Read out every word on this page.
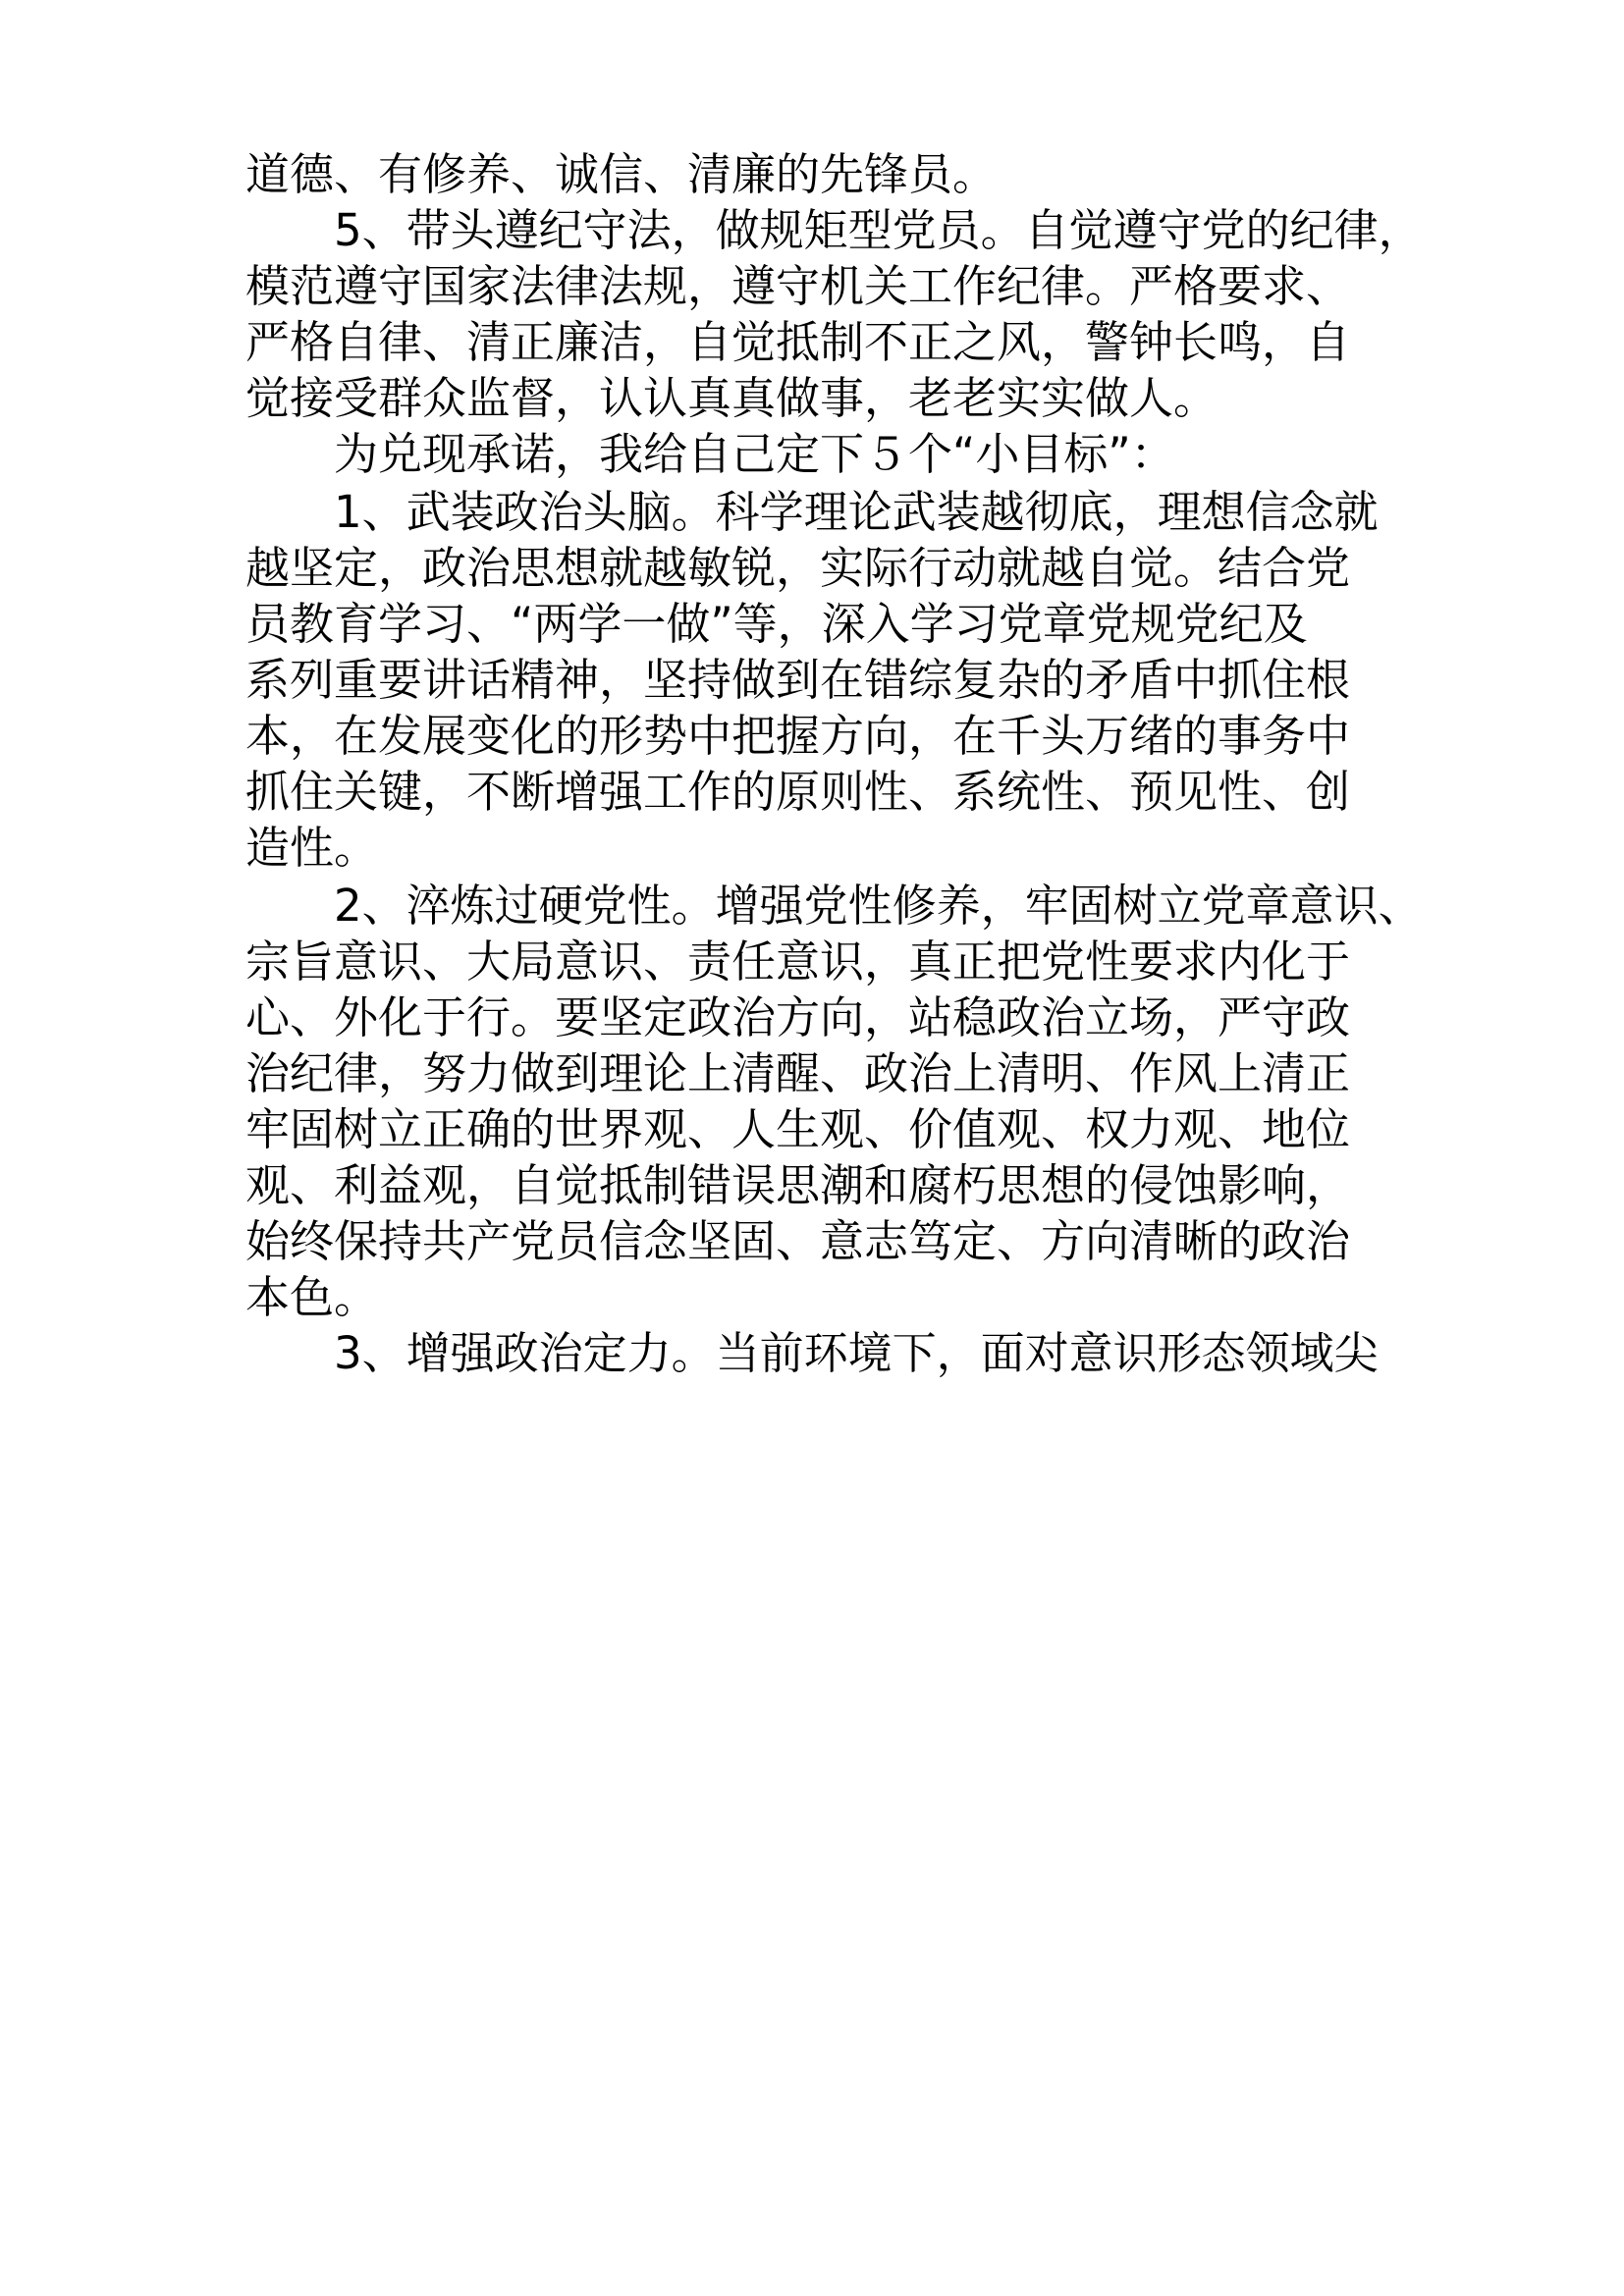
道德、有修养、诚信、清廉的先锋员。
5、带头遵纪守法，做规矩型党员。自觉遵守党的纪律，
模范遵守国家法律法规，遵守机关工作纪律。严格要求、
严格自律、清正廉洁，自觉抵制不正之风，警钟长鸣，自
觉接受群众监督，认认真真做事，老老实实做人。
为兑现承诺，我给自己定下５个“小目标”：
1、武装政治头脑。科学理论武装越彻底，理想信念就
越坚定，政治思想就越敏锐，实际行动就越自觉。结合党
员教育学习、“两学一做”等，深入学习党章党规党纪及
系列重要讲话精神，坚持做到在错综复杂的矛盾中抓住根
本，在发展变化的形势中把握方向，在千头万绪的事务中
抓住关键，不断增强工作的原则性、系统性、预见性、创
造性。
2、淬炼过硬党性。增强党性修养，牢固树立党章意识、
宗旨意识、大局意识、责任意识，真正把党性要求内化于
心、外化于行。要坚定政治方向，站稳政治立场，严守政
治纪律，努力做到理论上清醒、政治上清明、作风上清正
牢固树立正确的世界观、人生观、价值观、权力观、地位
观、利益观，自觉抵制错误思潮和腐朽思想的侵蚀影响，
始终保持共产党员信念坚固、意志笃定、方向清晰的政治
本色。
3、增强政治定力。当前环境下，面对意识形态领域尖
